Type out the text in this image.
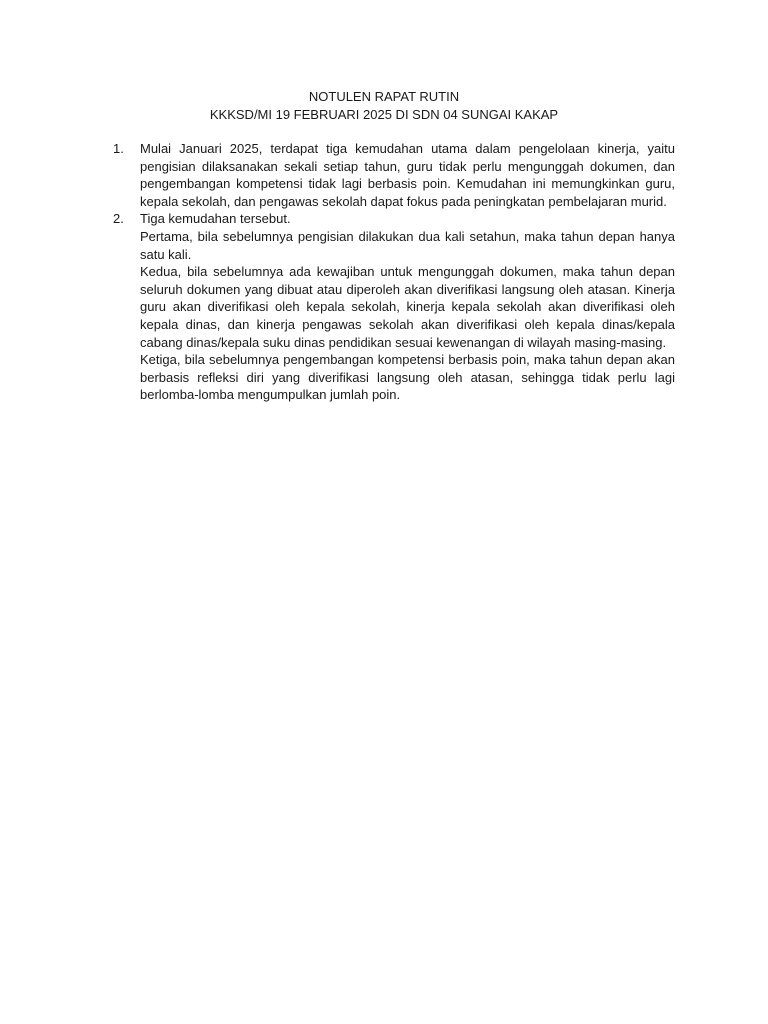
NOTULEN RAPAT RUTIN
KKKSD/MI 19 FEBRUARI 2025 DI SDN 04 SUNGAI KAKAP
1. Mulai Januari 2025, terdapat tiga kemudahan utama dalam pengelolaan kinerja, yaitu pengisian dilaksanakan sekali setiap tahun, guru tidak perlu mengunggah dokumen, dan pengembangan kompetensi tidak lagi berbasis poin. Kemudahan ini memungkinkan guru, kepala sekolah, dan pengawas sekolah dapat fokus pada peningkatan pembelajaran murid.

2. Tiga kemudahan tersebut.

Pertama, bila sebelumnya pengisian dilakukan dua kali setahun, maka tahun depan hanya satu kali.

Kedua, bila sebelumnya ada kewajiban untuk mengunggah dokumen, maka tahun depan seluruh dokumen yang dibuat atau diperoleh akan diverifikasi langsung oleh atasan. Kinerja guru akan diverifikasi oleh kepala sekolah, kinerja kepala sekolah akan diverifikasi oleh kepala dinas, dan kinerja pengawas sekolah akan diverifikasi oleh kepala dinas/kepala cabang dinas/kepala suku dinas pendidikan sesuai kewenangan di wilayah masing-masing.

Ketiga, bila sebelumnya pengembangan kompetensi berbasis poin, maka tahun depan akan berbasis refleksi diri yang diverifikasi langsung oleh atasan, sehingga tidak perlu lagi berlomba-lomba mengumpulkan jumlah poin.
